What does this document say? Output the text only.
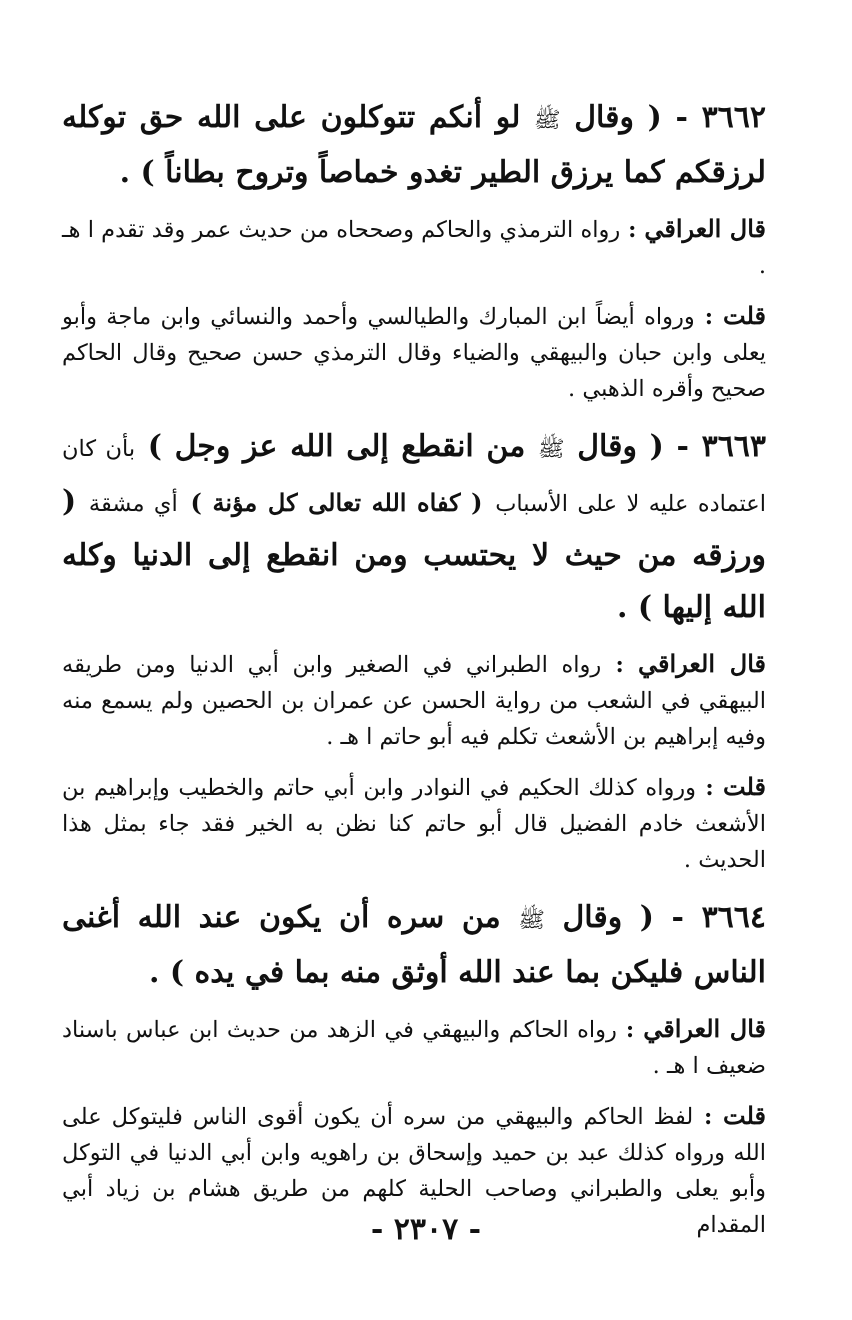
٣٦٦٢ - ( وقال ﷺ لو أنكم تتوكلون على الله حق توكله لرزقكم كما يرزق الطير تغدو خماصاً وتروح بطاناً ) .

قال العراقي : رواه الترمذي والحاكم وصححاه من حديث عمر وقد تقدم ا هـ .

قلت : ورواه أيضاً ابن المبارك والطيالسي وأحمد والنسائي وابن ماجة وأبو يعلى وابن حبان والبيهقي والضياء وقال الترمذي حسن صحيح وقال الحاكم صحيح وأقره الذهبي .

٣٦٦٣ - ( وقال ﷺ من انقطع إلى الله عز وجل ) بأن كان اعتماده عليه لا على الأسباب ( كفاه الله تعالى كل مؤنة ) أي مشقة ( ورزقه من حيث لا يحتسب ومن انقطع إلى الدنيا وكله الله إليها ) .

قال العراقي : رواه الطبراني في الصغير وابن أبي الدنيا ومن طريقه البيهقي في الشعب من رواية الحسن عن عمران بن الحصين ولم يسمع منه وفيه إبراهيم بن الأشعث تكلم فيه أبو حاتم ا هـ .

قلت : ورواه كذلك الحكيم في النوادر وابن أبي حاتم والخطيب وإبراهيم بن الأشعث خادم الفضيل قال أبو حاتم كنا نظن به الخير فقد جاء بمثل هذا الحديث .

٣٦٦٤ - ( وقال ﷺ من سره أن يكون عند الله أغنى الناس فليكن بما عند الله أوثق منه بما في يده ) .

قال العراقي : رواه الحاكم والبيهقي في الزهد من حديث ابن عباس باسناد ضعيف ا هـ .

قلت : لفظ الحاكم والبيهقي من سره أن يكون أقوى الناس فليتوكل على الله ورواه كذلك عبد بن حميد وإسحاق بن راهويه وابن أبي الدنيا في التوكل وأبو يعلى والطبراني وصاحب الحلية كلهم من طريق هشام بن زياد أبي المقدام

- ٢٣٠٧ -
